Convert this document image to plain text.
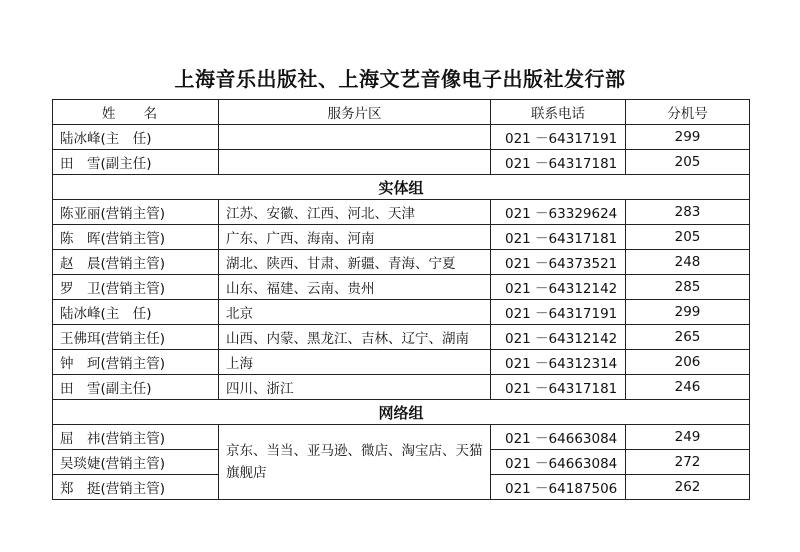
上海音乐出版社、上海文艺音像电子出版社发行部
姓 名	服务片区	联系电话	分机号
陆冰峰(主　任)		021 －64317191	299
田　雪(副主任)		021 －64317181	205
实体组			
陈亚丽(营销主管)	江苏、安徽、江西、河北、天津	021 －63329624	283
陈　晖(营销主管)	广东、广西、海南、河南	021 －64317181	205
赵　晨(营销主管)	湖北、陕西、甘肃、新疆、青海、宁夏	021 －64373521	248
罗　卫(营销主管)	山东、福建、云南、贵州	021 －64312142	285
陆冰峰(主　任)	北京	021 －64317191	299
王佛珥(营销主任)	山西、内蒙、黑龙江、吉林、辽宁、湖南	021 －64312142	265
钟　珂(营销主管)	上海	021 －64312314	206
田　雪(副主任)	四川、浙江	021 －64317181	246
网络组			
屈　祎(营销主管)	京东、当当、亚马逊、微店、淘宝店、天猫旗舰店	021 －64663084	249
吴琰婕(营销主管)		021 －64663084	272
郑　挺(营销主管)		021 －64187506	262
